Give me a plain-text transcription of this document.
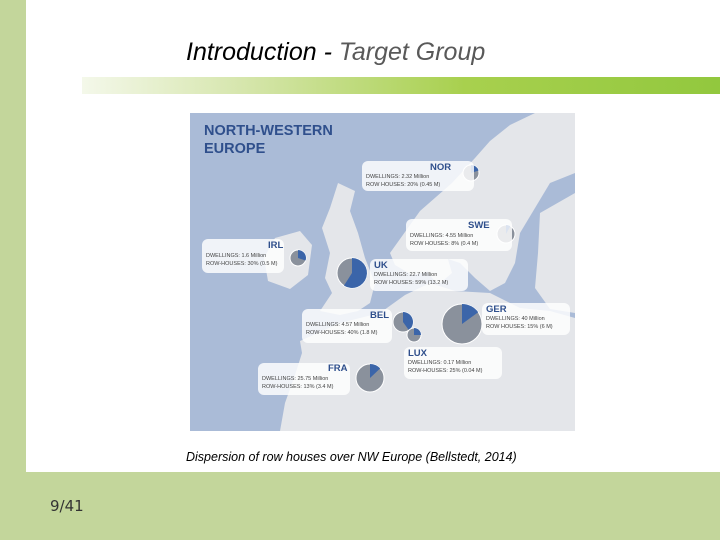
Introduction - Target Group
NORTH-WESTERN
EUROPE
NOR
DWELLINGS: 2.32 Million
ROW HOUSES: 20% (0.45 M)
SWE
DWELLINGS: 4.55 Million
ROW HOUSES: 8% (0.4 M)
IRL
DWELLINGS: 1.6 Million
ROW-HOUSES: 30% (0.5 M)	UK
DWELLINGS: 22.7 Million
ROW HOUSES: 59% (13.2 M)
BEL
DWELLINGS: 4.57 Million
ROW-HOUSES: 40% (1.8 M)
GER
DWELLINGS: 40 Million
ROW HOUSES: 15% (6 M)
LUX
DWELLINGS: 0.17 Million
ROW-HOUSES: 25% (0.04 M)
FRA
DWELLINGS: 25.75 Million
ROW-HOUSES: 13% (3.4 M)
Dispersion of row houses over NW Europe (Bellstedt, 2014)
9/41
